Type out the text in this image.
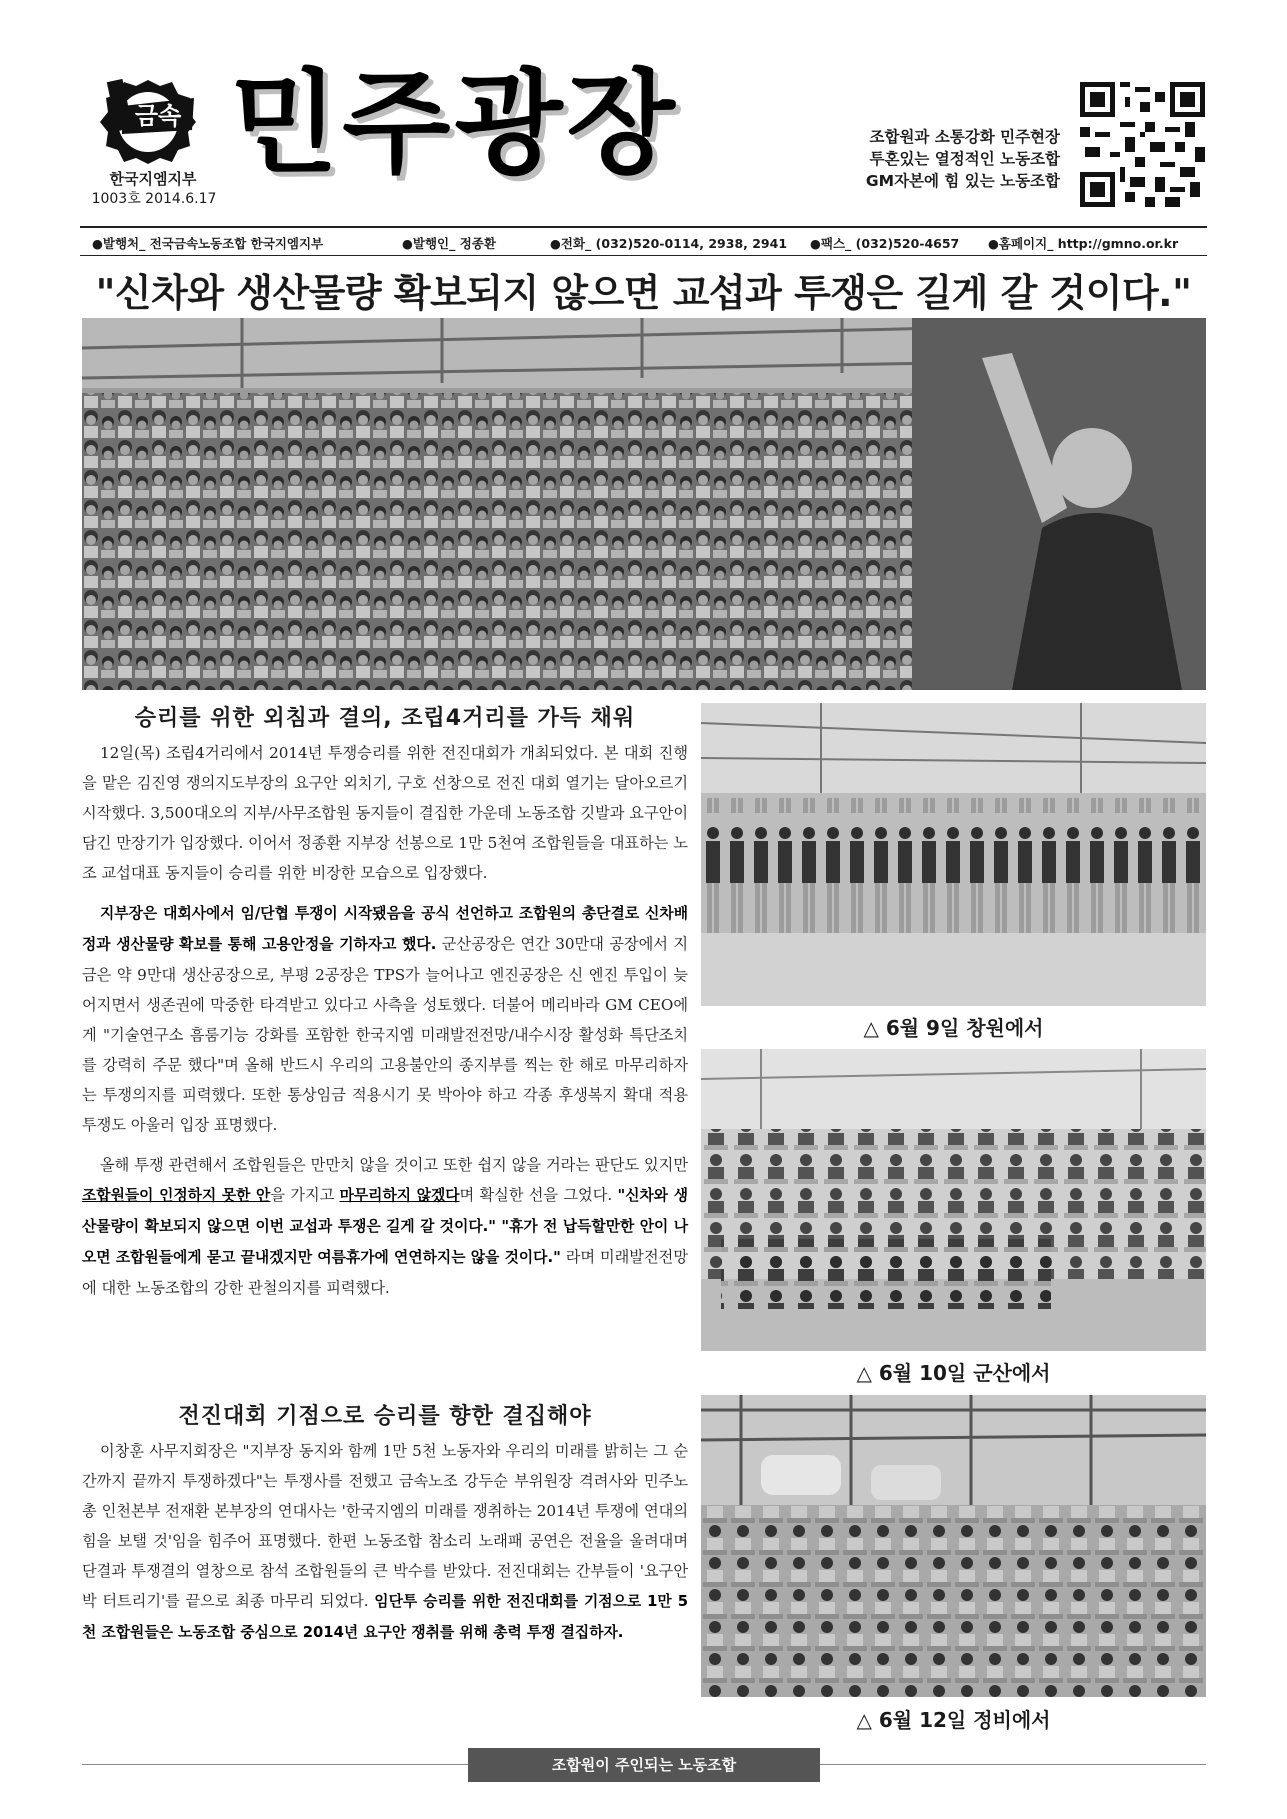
금속
한국지엠지부
1003호 2014.6.17
민주광장	조합원과 소통강화 민주현장
투혼있는 열정적인 노동조합
GM자본에 힘 있는 노동조합
●발행처_ 전국금속노동조합 한국지엠지부	●발행인_ 정종환	●전화_ (032)520-0114, 2938, 2941 ●팩스_ (032)520-4657 ●홈페이지_ http://gmno.or.kr
"신차와 생산물량 확보되지 않으면 교섭과 투쟁은 길게 갈 것이다."
승리를 위한 외침과 결의, 조립4거리를 가득 채워

12일(목) 조립4거리에서 2014년 투쟁승리를 위한 전진대회가 개최되었다. 본 대회 진행을 맡은 김진영 쟁의지도부장의 요구안 외치기, 구호 선창으로 전진 대회 열기는 달아오르기 시작했다. 3,500대오의 지부/사무조합원 동지들이 결집한 가운데 노동조합 깃발과 요구안이 담긴 만장기가 입장했다. 이어서 정종환 지부장 선봉으로 1만 5천여 조합원들을 대표하는 노조 교섭대표 동지들이 승리를 위한 비장한 모습으로 입장했다.

지부장은 대회사에서 임/단협 투쟁이 시작됐음을 공식 선언하고 조합원의 총단결로 신차배정과 생산물량 확보를 통해 고용안정을 기하자고 했다. 군산공장은 연간 30만대 공장에서 지금은 약 9만대 생산공장으로, 부평 2공장은 TPS가 늘어나고 엔진공장은 신 엔진 투입이 늦어지면서 생존권에 막중한 타격받고 있다고 사측을 성토했다. 더불어 메리바라 GM CEO에게 "기술연구소 흠룸기능 강화를 포함한 한국지엠 미래발전전망/내수시장 활성화 특단조치를 강력히 주문 했다"며 올해 반드시 우리의 고용불안의 종지부를 찍는 한 해로 마무리하자는 투쟁의지를 피력했다. 또한 통상임금 적용시기 못 박아야 하고 각종 후생복지 확대 적용 투쟁도 아울러 입장 표명했다.

올해 투쟁 관련해서 조합원들은 만만치 않을 것이고 또한 쉽지 않을 거라는 판단도 있지만 조합원들이 인정하지 못한 안을 가지고 마무리하지 않겠다며 확실한 선을 그었다. "신차와 생산물량이 확보되지 않으면 이번 교섭과 투쟁은 길게 갈 것이다." "휴가 전 납득할만한 안이 나오면 조합원들에게 묻고 끝내겠지만 여름휴가에 연연하지는 않을 것이다." 라며 미래발전전망에 대한 노동조합의 강한 관철의지를 피력했다.

전진대회 기점으로 승리를 향한 결집해야

이창훈 사무지회장은 "지부장 동지와 함께 1만 5천 노동자와 우리의 미래를 밝히는 그 순간까지 끝까지 투쟁하겠다"는 투쟁사를 전했고 금속노조 강두순 부위원장 격려사와 민주노총 인천본부 전재환 본부장의 연대사는 '한국지엠의 미래를 쟁취하는 2014년 투쟁에 연대의 힘을 보탤 것'임을 힘주어 표명했다. 한편 노동조합 참소리 노래패 공연은 전율을 울려대며 단결과 투쟁결의 열창으로 참석 조합원들의 큰 박수를 받았다. 전진대회는 간부들이 '요구안 박 터트리기'를 끝으로 최종 마무리 되었다. 임단투 승리를 위한 전진대회를 기점으로 1만 5천 조합원들은 노동조합 중심으로 2014년 요구안 쟁취를 위해 총력 투쟁 결집하자.

△ 6월 9일 창원에서
△ 6월 10일 군산에서
△ 6월 12일 정비에서
조합원이 주인되는 노동조합
